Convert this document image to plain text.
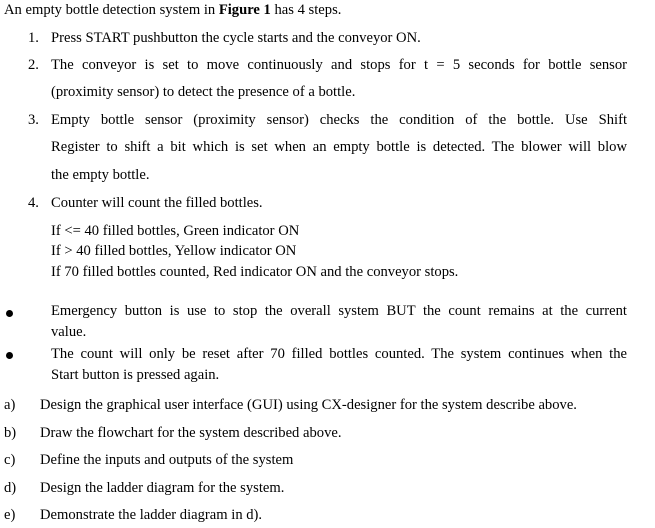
An empty bottle detection system in Figure 1 has 4 steps.
1. Press START pushbutton the cycle starts and the conveyor ON.
2. The conveyor is set to move continuously and stops for t = 5 seconds for bottle sensor
(proximity sensor) to detect the presence of a bottle.
3. Empty bottle sensor (proximity sensor) checks the condition of the bottle. Use Shift
Register to shift a bit which is set when an empty bottle is detected. The blower will blow
the empty bottle.
4. Counter will count the filled bottles.
If <= 40 filled bottles, Green indicator ON
If > 40 filled bottles, Yellow indicator ON
If 70 filled bottles counted, Red indicator ON and the conveyor stops.
Emergency button is use to stop the overall system BUT the count remains at the current
value.
The count will only be reset after 70 filled bottles counted. The system continues when the
Start button is pressed again.
a) Design the graphical user interface (GUI) using CX-designer for the system describe above.
b) Draw the flowchart for the system described above.
c) Define the inputs and outputs of the system
d) Design the ladder diagram for the system.
e) Demonstrate the ladder diagram in d).
